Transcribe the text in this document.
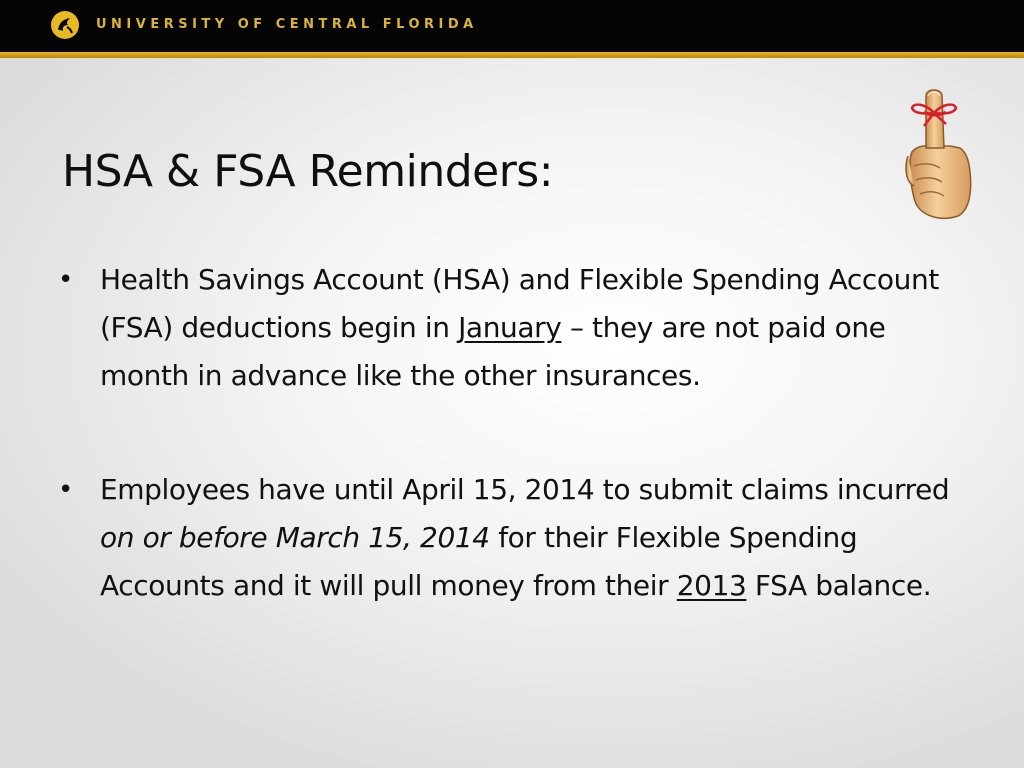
UNIVERSITY OF CENTRAL FLORIDA
HSA & FSA Reminders:
• Health Savings Account (HSA) and Flexible Spending Account (FSA) deductions begin in January – they are not paid one month in advance like the other insurances.
• Employees have until April 15, 2014 to submit claims incurred on or before March 15, 2014 for their Flexible Spending Accounts and it will pull money from their 2013 FSA balance.
